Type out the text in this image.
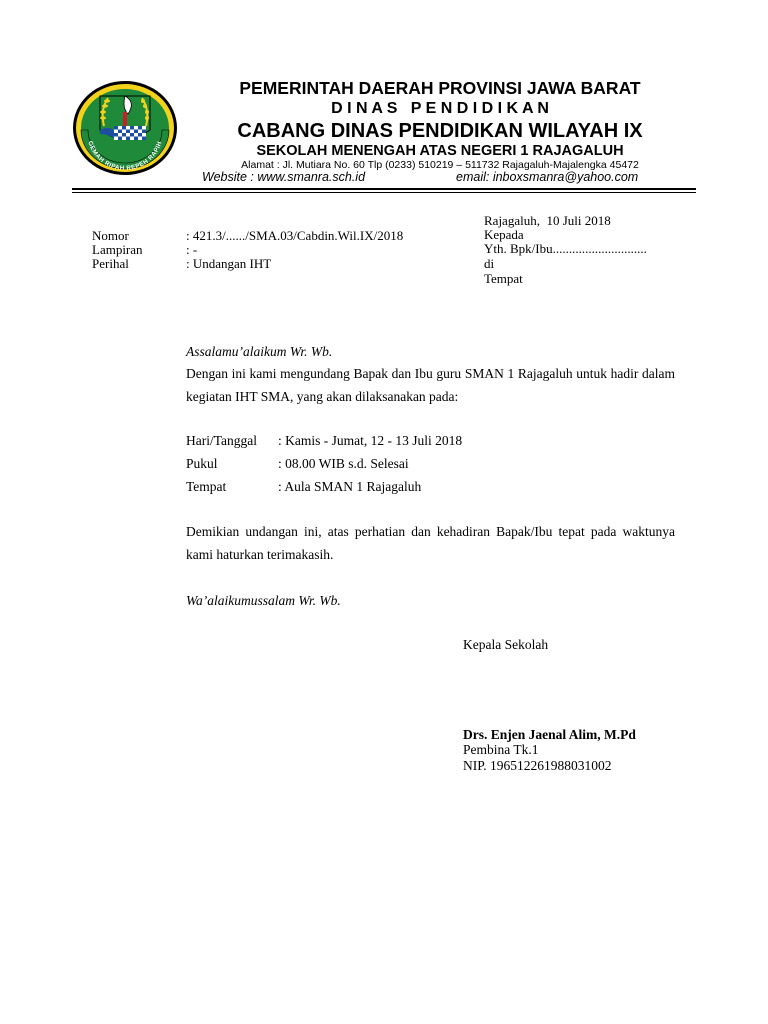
GEMAH RIPAH REPEH RAPIH
PEMERINTAH DAERAH PROVINSI JAWA BARAT
D I N A S   P E N D I D I K A N
CABANG DINAS PENDIDIKAN WILAYAH IX
SEKOLAH MENENGAH ATAS NEGERI 1 RAJAGALUH
Alamat : Jl. Mutiara No. 60 Tlp (0233) 510219 – 511732 Rajagaluh-Majalengka 45472
Website : www.smanra.sch.id	email: inboxsmanra@yahoo.com
Nomor	: 421.3/....../SMA.03/Cabdin.Wil.IX/2018
Lampiran	: -
Perihal	: Undangan IHT
Rajagaluh,  10 Juli 2018
Kepada
Yth. Bpk/Ibu.............................
di
Tempat
Assalamu’alaikum Wr. Wb.
Dengan ini kami mengundang Bapak dan Ibu guru SMAN 1 Rajagaluh untuk hadir dalam kegiatan IHT SMA, yang akan dilaksanakan pada:
Hari/Tanggal : Kamis - Jumat, 12 - 13 Juli 2018
Pukul	: 08.00 WIB s.d. Selesai
Tempat	: Aula SMAN 1 Rajagaluh
Demikian undangan ini, atas perhatian dan kehadiran Bapak/Ibu tepat pada waktunya kami haturkan terimakasih.
Wa’alaikumussalam Wr. Wb.
Kepala Sekolah
Drs. Enjen Jaenal Alim, M.Pd
Pembina Tk.1
NIP. 196512261988031002
